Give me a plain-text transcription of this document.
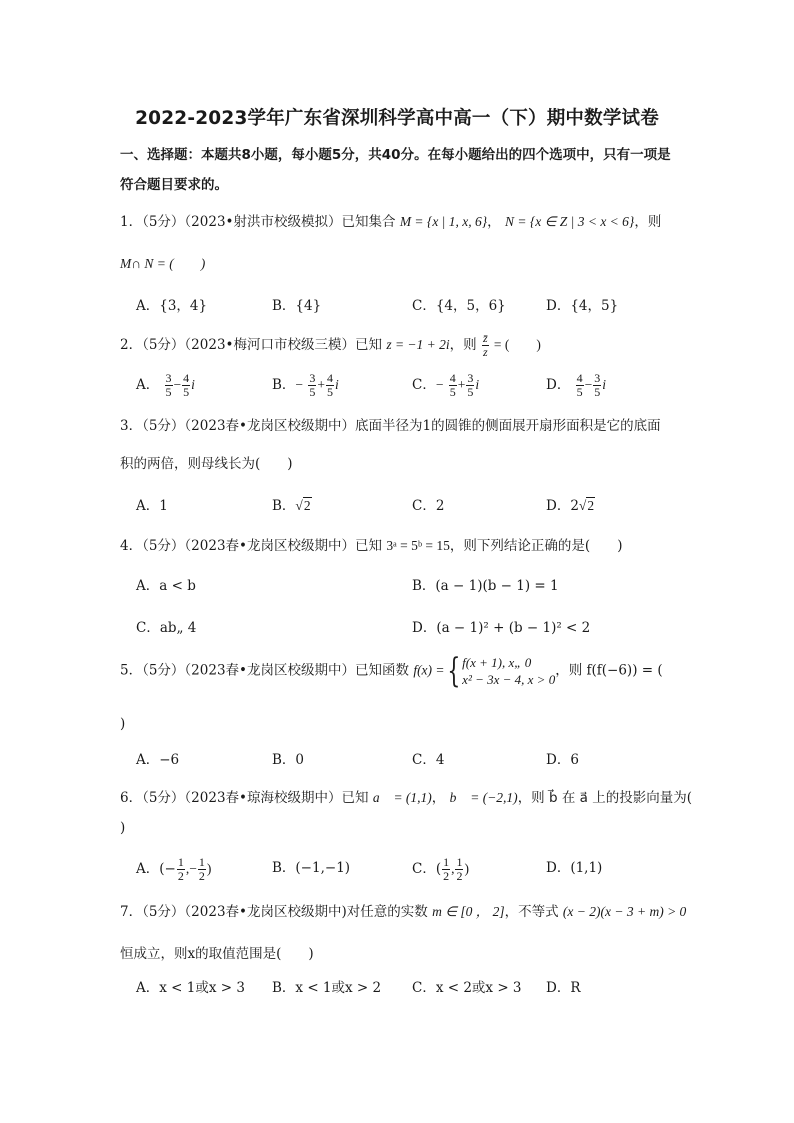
2022-2023学年广东省深圳科学高中高一（下）期中数学试卷
一、选择题：本题共8小题，每小题5分，共40分。在每小题给出的四个选项中，只有一项是符合题目要求的。
1．（5分）（2023•射洪市校级模拟）已知集合 M = {x | 1, x, 6}， N = {x ∈ Z | 3 < x < 6}，则
M∩ N = (　　)
A．{3，4}	B．{4}	C．{4，5，6}	D．{4，5}
2．（5分）（2023•梅河口市校级三模）已知 z = −1 + 2i，则 $\frac{z̄}{z}$ = (　　)
A． $\frac{3}{5} - \frac{4}{5}$ i	B．− $\frac{3}{5} + \frac{4}{5}$ i	C．− $\frac{4}{5} + \frac{3}{5}$ i	D． $\frac{4}{5} - \frac{3}{5}$ i
3．（5分）（2023春•龙岗区校级期中）底面半径为1的圆锥的侧面展开扇形面积是它的底面
积的两倍，则母线长为(　　)
A．1	B．√2	C．2	D．2√2
4．（5分）（2023春•龙岗区校级期中）已知 3ᵃ = 5ᵇ = 15，则下列结论正确的是(　　)
A．a < b	B．(a − 1)(b − 1) = 1
C．ab„ 4	D．(a − 1)² + (b − 1)² < 2
5．（5分）（2023春•龙岗区校级期中）已知函数 f(x) ={ f(x + 1), x„ 0
x² − 3x − 4, x > 0
，则 f(f(−6)) = (
)
A．−6	B．0	C．4	D．6
6．（5分）（2023春•琼海校级期中）已知 a⃗ = (1,1)， b⃗ = (−2,1)，则 b⃗ 在 a⃗ 上的投影向量为(
)
A．(− $\frac{1}{2}$ ,− $\frac{1}{2}$ )	B．(−1,−1)	C．( $\frac{1}{2}$ , $\frac{1}{2}$ )	D．(1,1)
7．（5分）（2023春•龙岗区校级期中)对任意的实数 m ∈ [0 ， 2]，不等式 (x − 2)(x − 3 + m) > 0
恒成立，则x的取值范围是(　　)
A．x < 1或x > 3 B．x < 1或x > 2 C．x < 2或x > 3 D．R
